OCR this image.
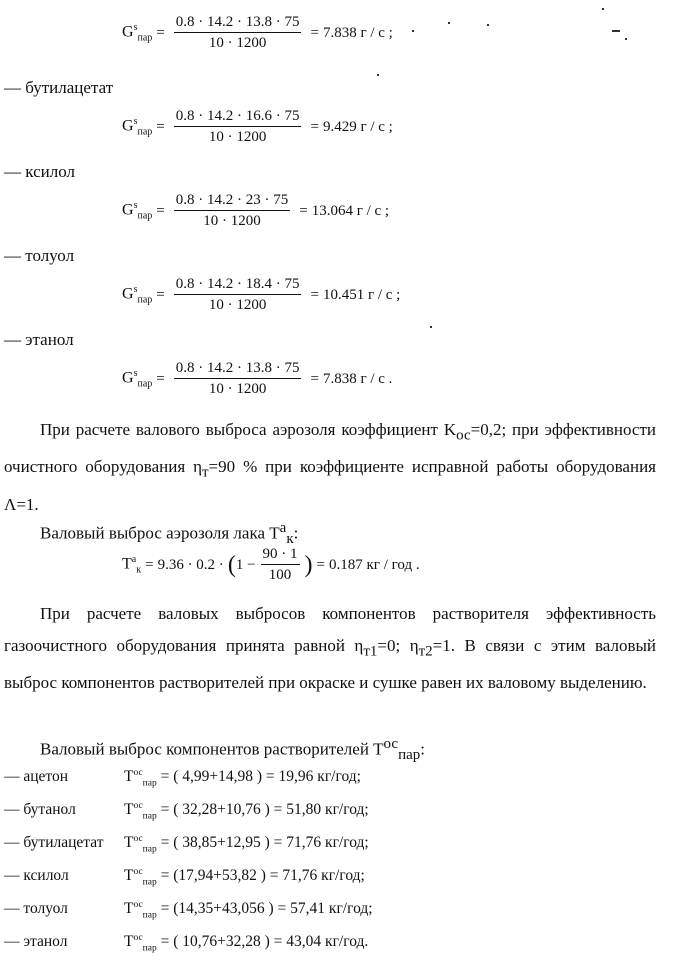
$G^s_{пар} = \frac{0.8 \cdot 14.2 \cdot 13.8 \cdot 75}{10 \cdot 1200} = 7.838$ г / с ;
— бутилацетат
$G^s_{пар} = \frac{0.8 \cdot 14.2 \cdot 16.6 \cdot 75}{10 \cdot 1200} = 9.429$ г / с ;
— ксилол
$G^s_{пар} = \frac{0.8 \cdot 14.2 \cdot 23 \cdot 75}{10 \cdot 1200} = 13.064$ г / с ;
— толуол
$G^s_{пар} = \frac{0.8 \cdot 14.2 \cdot 18.4 \cdot 75}{10 \cdot 1200} = 10.451$ г / с ;
— этанол
$G^s_{пар} = \frac{0.8 \cdot 14.2 \cdot 13.8 \cdot 75}{10 \cdot 1200} = 7.838$ г / с .
При расчете валового выброса аэрозоля коэффициент $K_{ос}=0,2$; при эффективности очистного оборудования $\eta_т=90$ % при коэффициенте исправной работы оборудования Λ=1.
Валовый выброс аэрозоля лака $T^а_к$:
$T^а_к = 9.36 \cdot 0.2$ · ( $1 - \frac{90 \cdot 1}{100}$ ) = 0.187 кг / год .
При расчете валовых выбросов компонентов растворителя эффективность газоочистного оборудования принята равной $\eta_{т1}=0$; $\eta_{т2}=1$. В связи с этим валовый выброс компонентов растворителей при окраске и сушке равен их валовому выделению.
Валовый выброс компонентов растворителей $T^{ос}_{пар}$:
— ацетон	$T^{ос}_{пар}$ = ( 4,99+14,98 ) = 19,96 кг/год;
— бутанол	$T^{ос}_{пар}$ = ( 32,28+10,76 ) = 51,80 кг/год;
— бутилацетат $T^{ос}_{пар}$ = ( 38,85+12,95 ) = 71,76 кг/год;
— ксилол	$T^{ос}_{пар} = (17,94+53,82$ ) = 71,76 кг/год;
— толуол	$T^{ос}_{пар} = (14,35+43,056$ ) = 57,41 кг/год;
— этанол	$T^{ос}_{пар}$ = ( 10,76+32,28 ) = 43,04 кг/год.
